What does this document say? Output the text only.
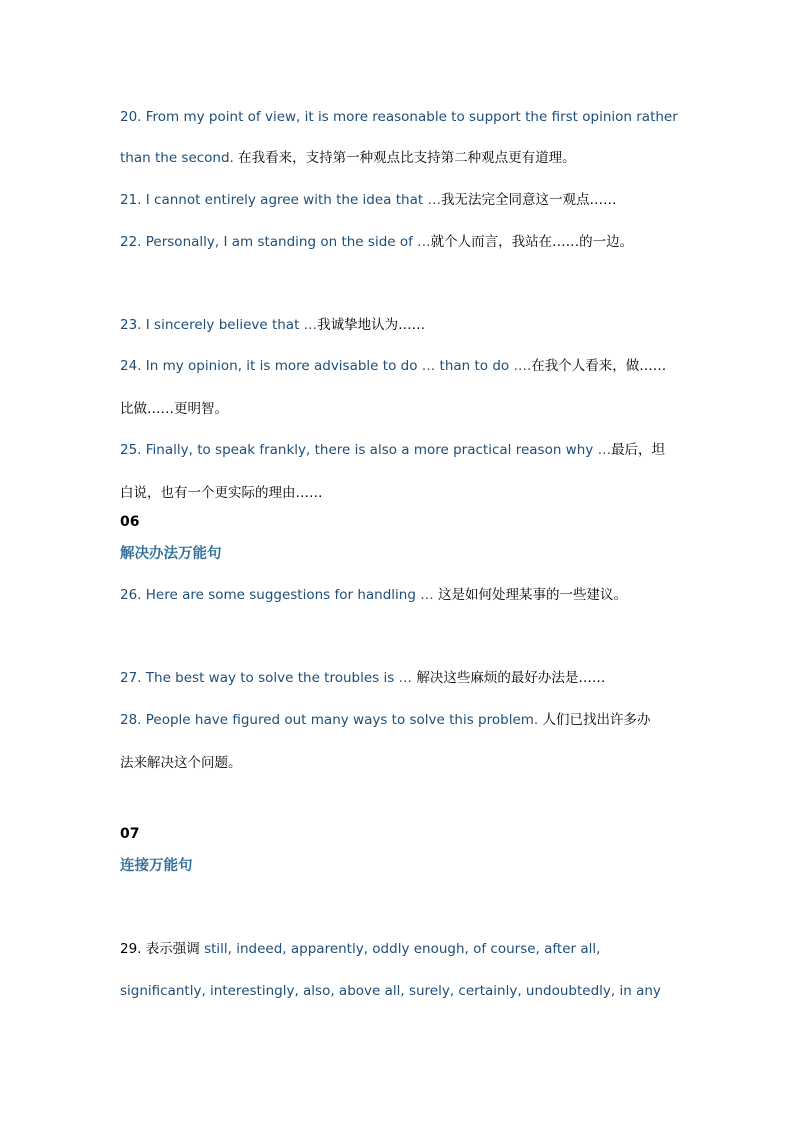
20. From my point of view, it is more reasonable to support the first opinion rather
than the second. 在我看来，支持第一种观点比支持第二种观点更有道理。
21. I cannot entirely agree with the idea that …我无法完全同意这一观点……
22. Personally, I am standing on the side of …就个人而言，我站在……的一边。
23. I sincerely believe that …我诚挚地认为……
24. In my opinion, it is more advisable to do … than to do ….在我个人看来，做……
比做……更明智。
25. Finally, to speak frankly, there is also a more practical reason why …最后，坦
白说，也有一个更实际的理由……
06
解决办法万能句
26. Here are some suggestions for handling … 这是如何处理某事的一些建议。
27. The best way to solve the troubles is … 解决这些麻烦的最好办法是……
28. People have figured out many ways to solve this problem. 人们已找出许多办
法来解决这个问题。
07
连接万能句
29. 表示强调 still, indeed, apparently, oddly enough, of course, after all,
significantly, interestingly, also, above all, surely, certainly, undoubtedly, in any
